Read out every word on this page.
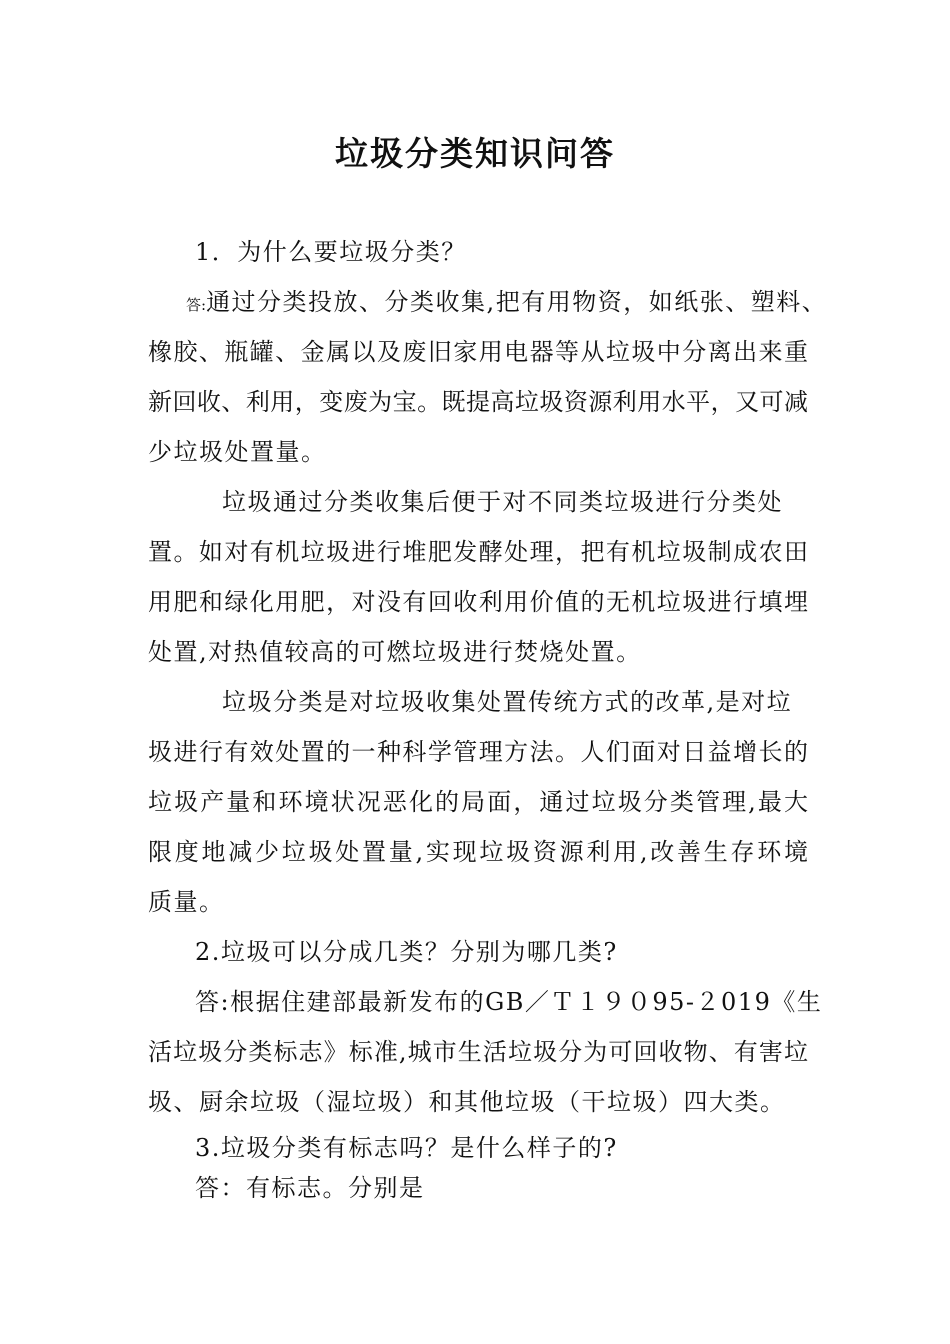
垃圾分类知识问答
1．为什么要垃圾分类？
答:通过分类投放、分类收集,把有用物资，如纸张、塑料、
橡胶、瓶罐、金属以及废旧家用电器等从垃圾中分离出来重
新回收、利用，变废为宝。既提高垃圾资源利用水平，又可减
少垃圾处置量。
垃圾通过分类收集后便于对不同类垃圾进行分类处
置。如对有机垃圾进行堆肥发酵处理，把有机垃圾制成农田
用肥和绿化用肥，对没有回收利用价值的无机垃圾进行填埋
处置,对热值较高的可燃垃圾进行焚烧处置。
垃圾分类是对垃圾收集处置传统方式的改革,是对垃
圾进行有效处置的一种科学管理方法。人们面对日益增长的
垃圾产量和环境状况恶化的局面，通过垃圾分类管理,最大
限度地减少垃圾处置量,实现垃圾资源利用,改善生存环境
质量。
2.垃圾可以分成几类？分别为哪几类?
答:根据住建部最新发布的GB／Ｔ１９０95-２019《生
活垃圾分类标志》标准,城市生活垃圾分为可回收物、有害垃
圾、厨余垃圾（湿垃圾）和其他垃圾（干垃圾）四大类。
3.垃圾分类有标志吗？是什么样子的?
答：有标志。分别是
